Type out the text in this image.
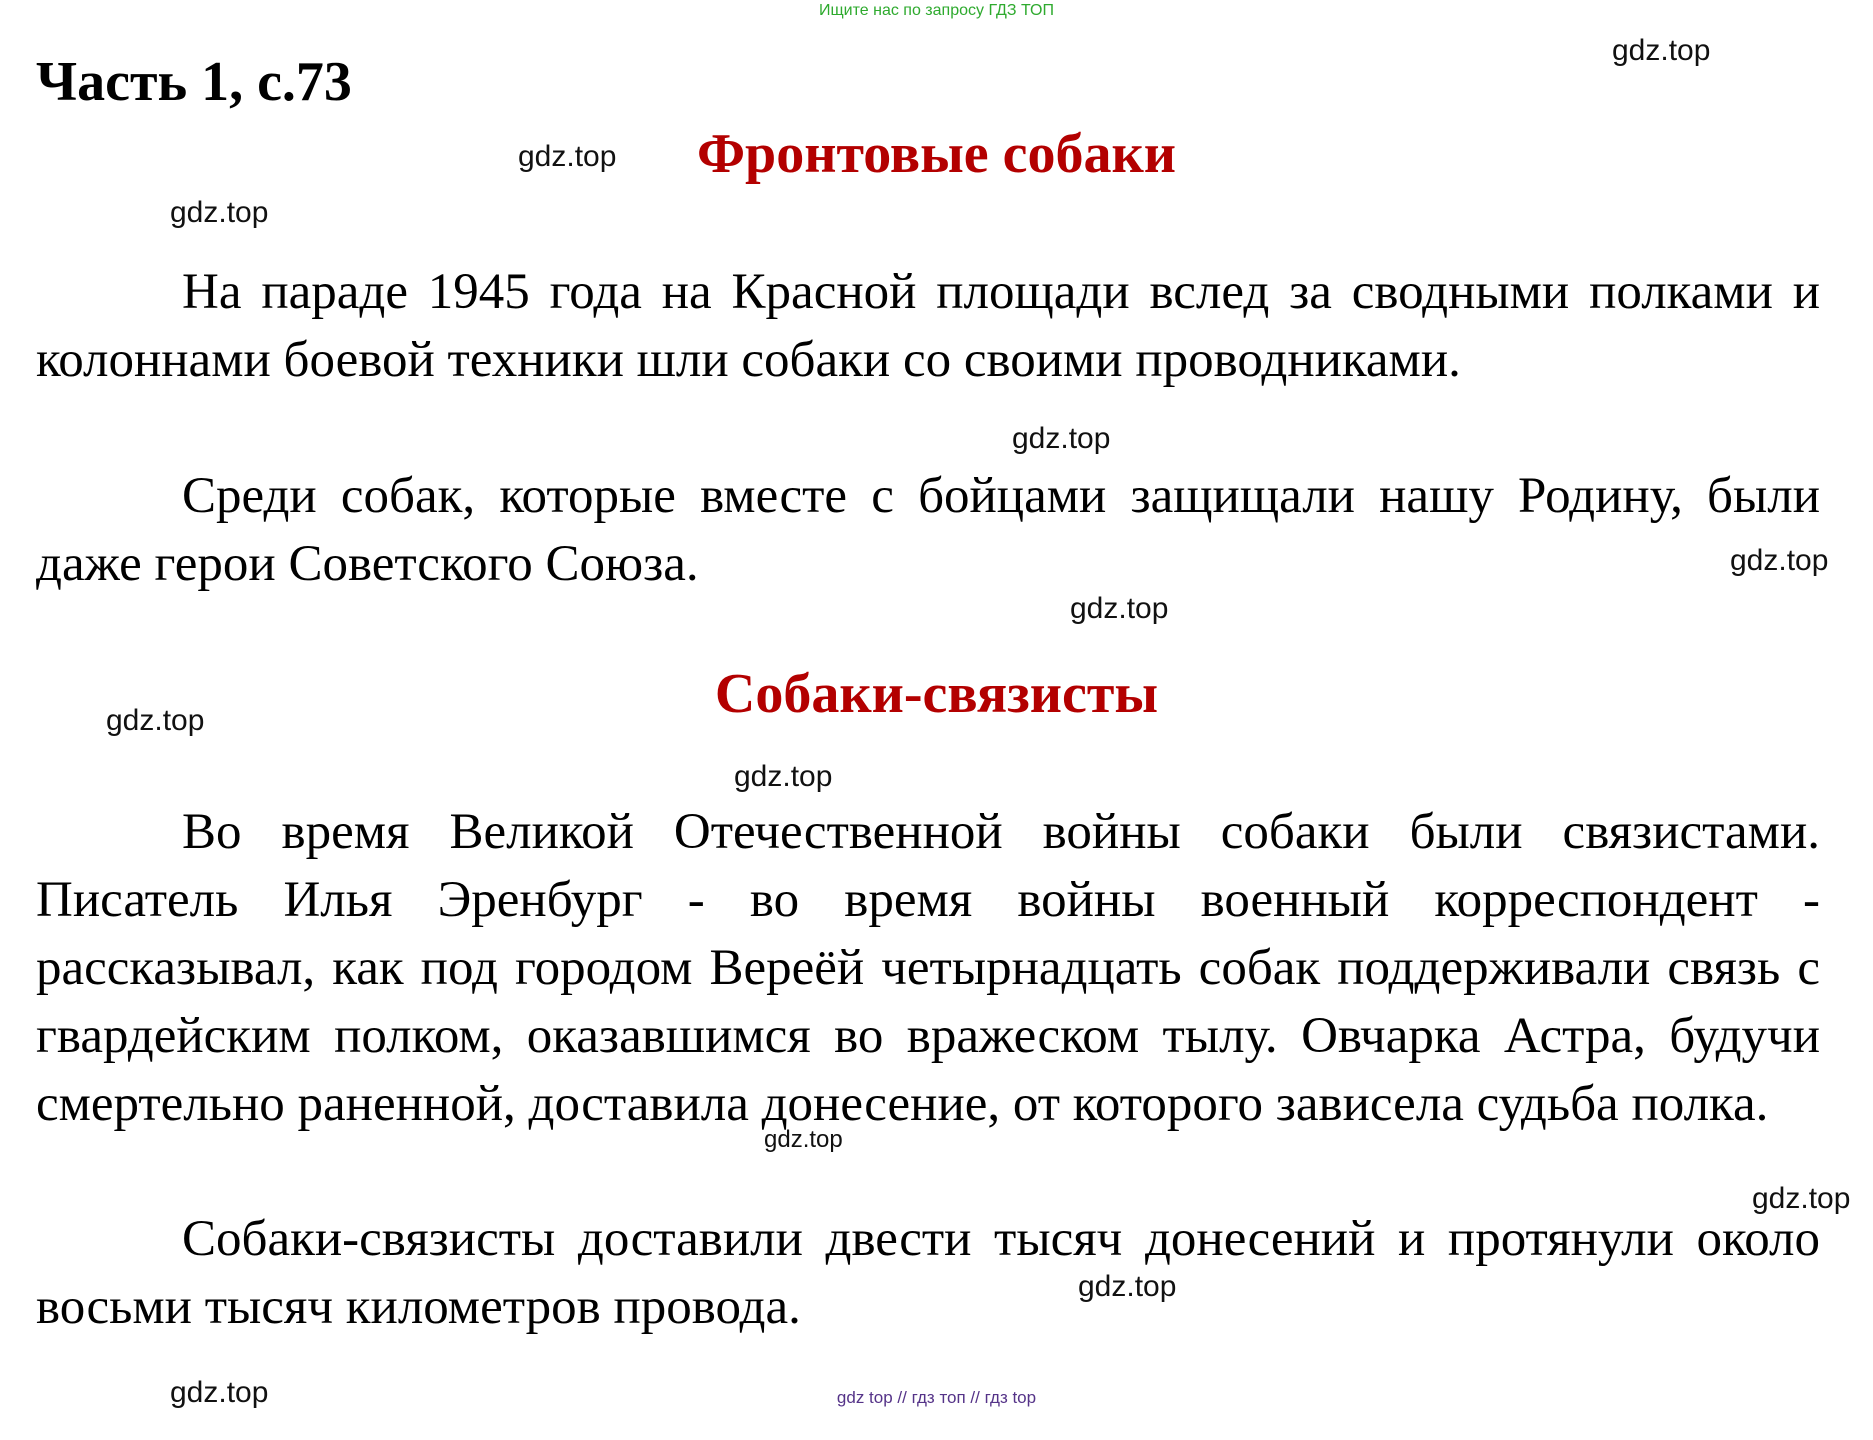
Ищите нас по запросу ГДЗ ТОП
Часть 1, с.73
Фронтовые собаки

На параде 1945 года на Красной площади вслед за сводными полками и колоннами боевой техники шли собаки со своими проводниками.

Среди собак, которые вместе с бойцами защищали нашу Родину, были даже герои Советского Союза.

Собаки-связисты

Во время Великой Отечественной войны собаки были связистами. Писатель Илья Эренбург - во время войны военный корреспондент - рассказывал, как под городом Вереёй четырнадцать собак поддерживали связь с гвардейским полком, оказавшимся во вражеском тылу. Овчарка Астра, будучи смертельно раненной, доставила донесение, от которого зависела судьба полка.

Собаки-связисты доставили двести тысяч донесений и протянули около восьми тысяч километров провода.

gdz.top
gdz.top
gdz.top
gdz.top
gdz.top
gdz.top
gdz.top
gdz.top
gdz.top
gdz.top
gdz.top
gdz.top	gdz top // гдз топ // гдз top
